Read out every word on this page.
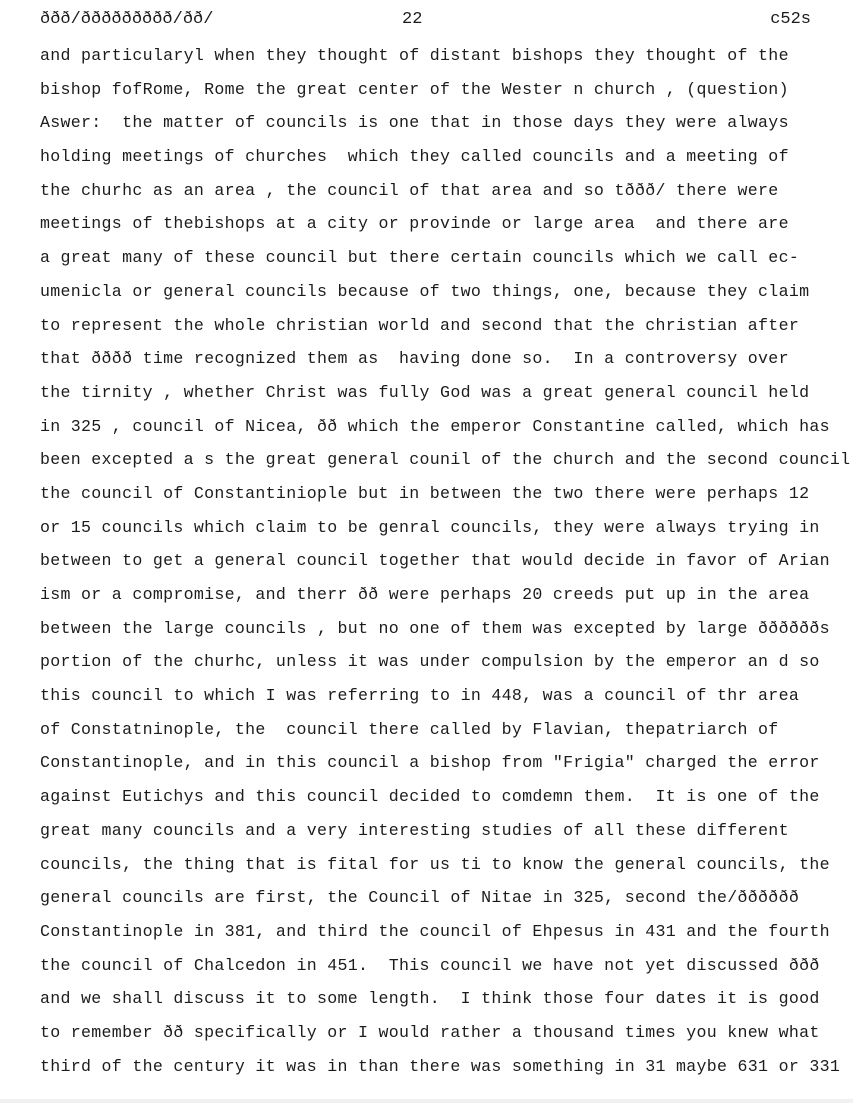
ððð/ððððððððð/ðð/	22	c52s
and particularyl when they thought of distant bishops they thought of the
bishop fofRome, Rome the great center of the Wester n church , (question)
Aswer:  the matter of councils is one that in those days they were always
holding meetings of churches  which they called councils and a meeting of
the churhc as an area , the council of that area and so tððð/ there were
meetings of thebishops at a city or provinde or large area  and there are
a great many of these council but there certain councils which we call ec-
umenicla or general councils because of two things, one, because they claim
to represent the whole christian world and second that the christian after
that ðððð time recognized them as  having done so.  In a controversy over
the tirnity , whether Christ was fully God was a great general council held
in 325 , council of Nicea, ðð which the emperor Constantine called, which has
been excepted a s the great general counil of the church and the second council
the council of Constantiniople but in between the two there were perhaps 12
or 15 councils which claim to be genral councils, they were always trying in
between to get a general council together that would decide in favor of Arian
ism or a compromise, and therr ðð were perhaps 20 creeds put up in the area
between the large councils , but no one of them was excepted by large ððððððs
portion of the churhc, unless it was under compulsion by the emperor an d so
this council to which I was referring to in 448, was a council of thr area
of Constatninople, the  council there called by Flavian, thepatriarch of
Constantinople, and in this council a bishop from "Frigia" charged the error
against Eutichys and this council decided to comdemn them.  It is one of the
great many councils and a very interesting studies of all these different
councils, the thing that is fital for us ti to know the general councils, the
general councils are first, the Council of Nitae in 325, second the/ðððððð
Constantinople in 381, and third the council of Ehpesus in 431 and the fourth
the council of Chalcedon in 451.  This council we have not yet discussed ððð
and we shall discuss it to some length.  I think those four dates it is good
to remember ðð specifically or I would rather a thousand times you knew what
third of the century it was in than there was something in 31 maybe 631 or 331
